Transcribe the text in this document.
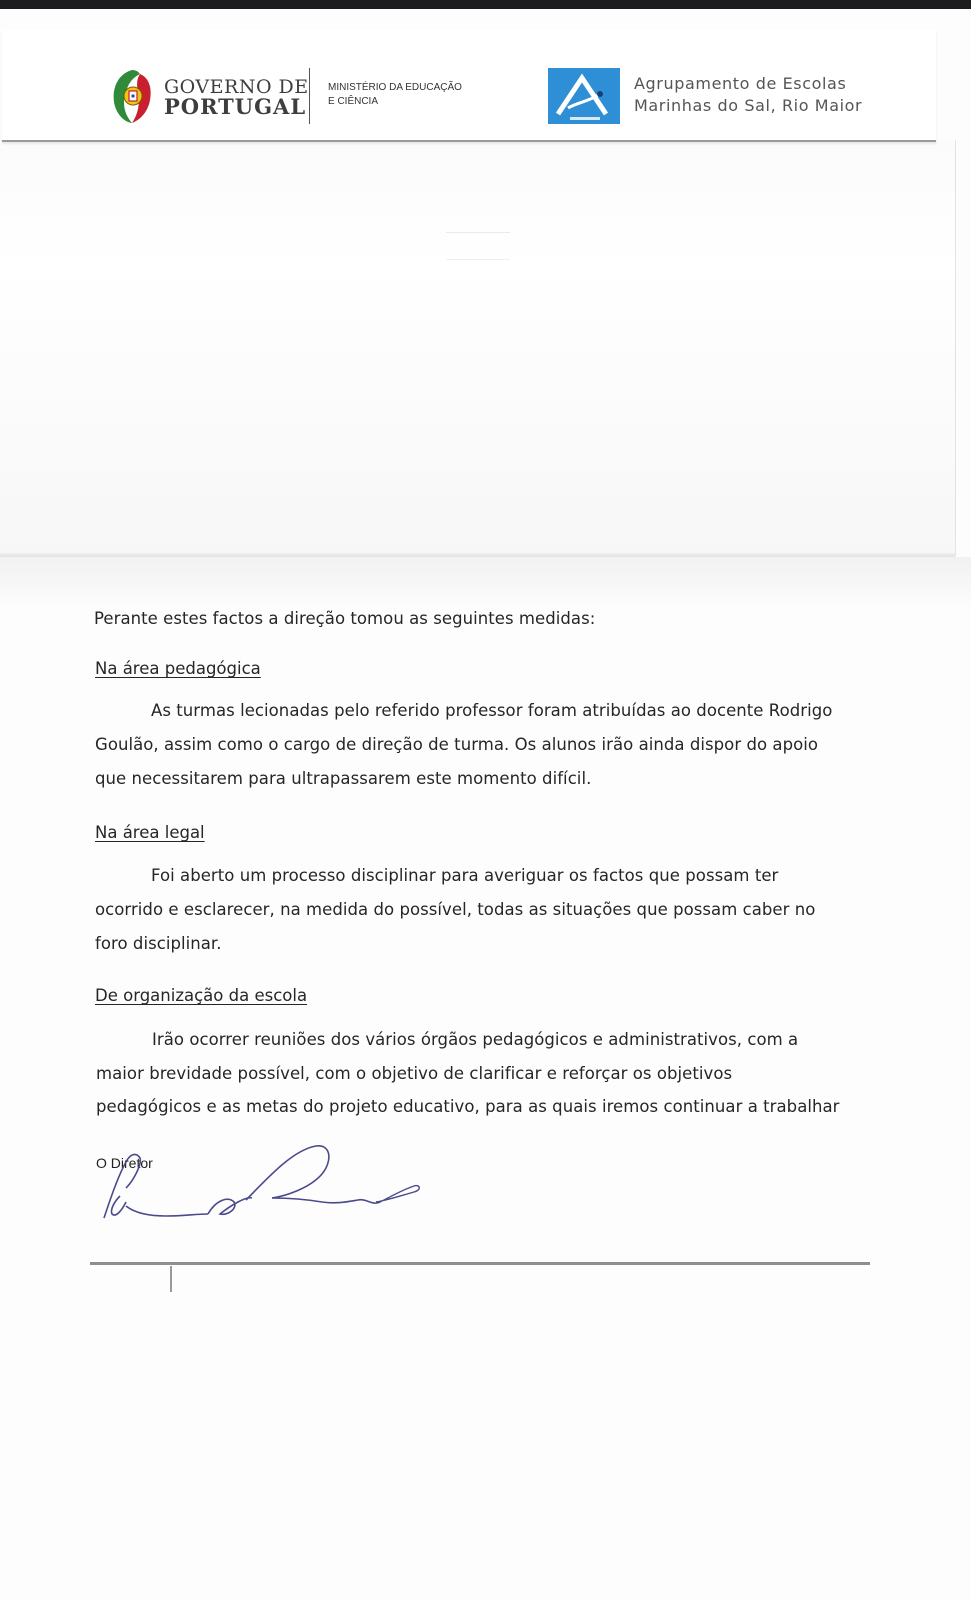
GOVERNO DE
PORTUGAL
MINISTÉRIO DA EDUCAÇÃO
E CIÊNCIA
Agrupamento de Escolas
Marinhas do Sal, Rio Maior
Perante estes factos a direção tomou as seguintes medidas:
Na área pedagógica
As turmas lecionadas pelo referido professor foram atribuídas ao docente Rodrigo
Goulão, assim como o cargo de direção de turma. Os alunos irão ainda dispor do apoio
que necessitarem para ultrapassarem este momento difícil.
Na área legal
Foi aberto um processo disciplinar para averiguar os factos que possam ter
ocorrido e esclarecer, na medida do possível, todas as situações que possam caber no
foro disciplinar.
De organização da escola
Irão ocorrer reuniões dos vários órgãos pedagógicos e administrativos, com a
maior brevidade possível, com o objetivo de clarificar e reforçar os objetivos
pedagógicos e as metas do projeto educativo, para as quais iremos continuar a trabalhar
O Diretor
